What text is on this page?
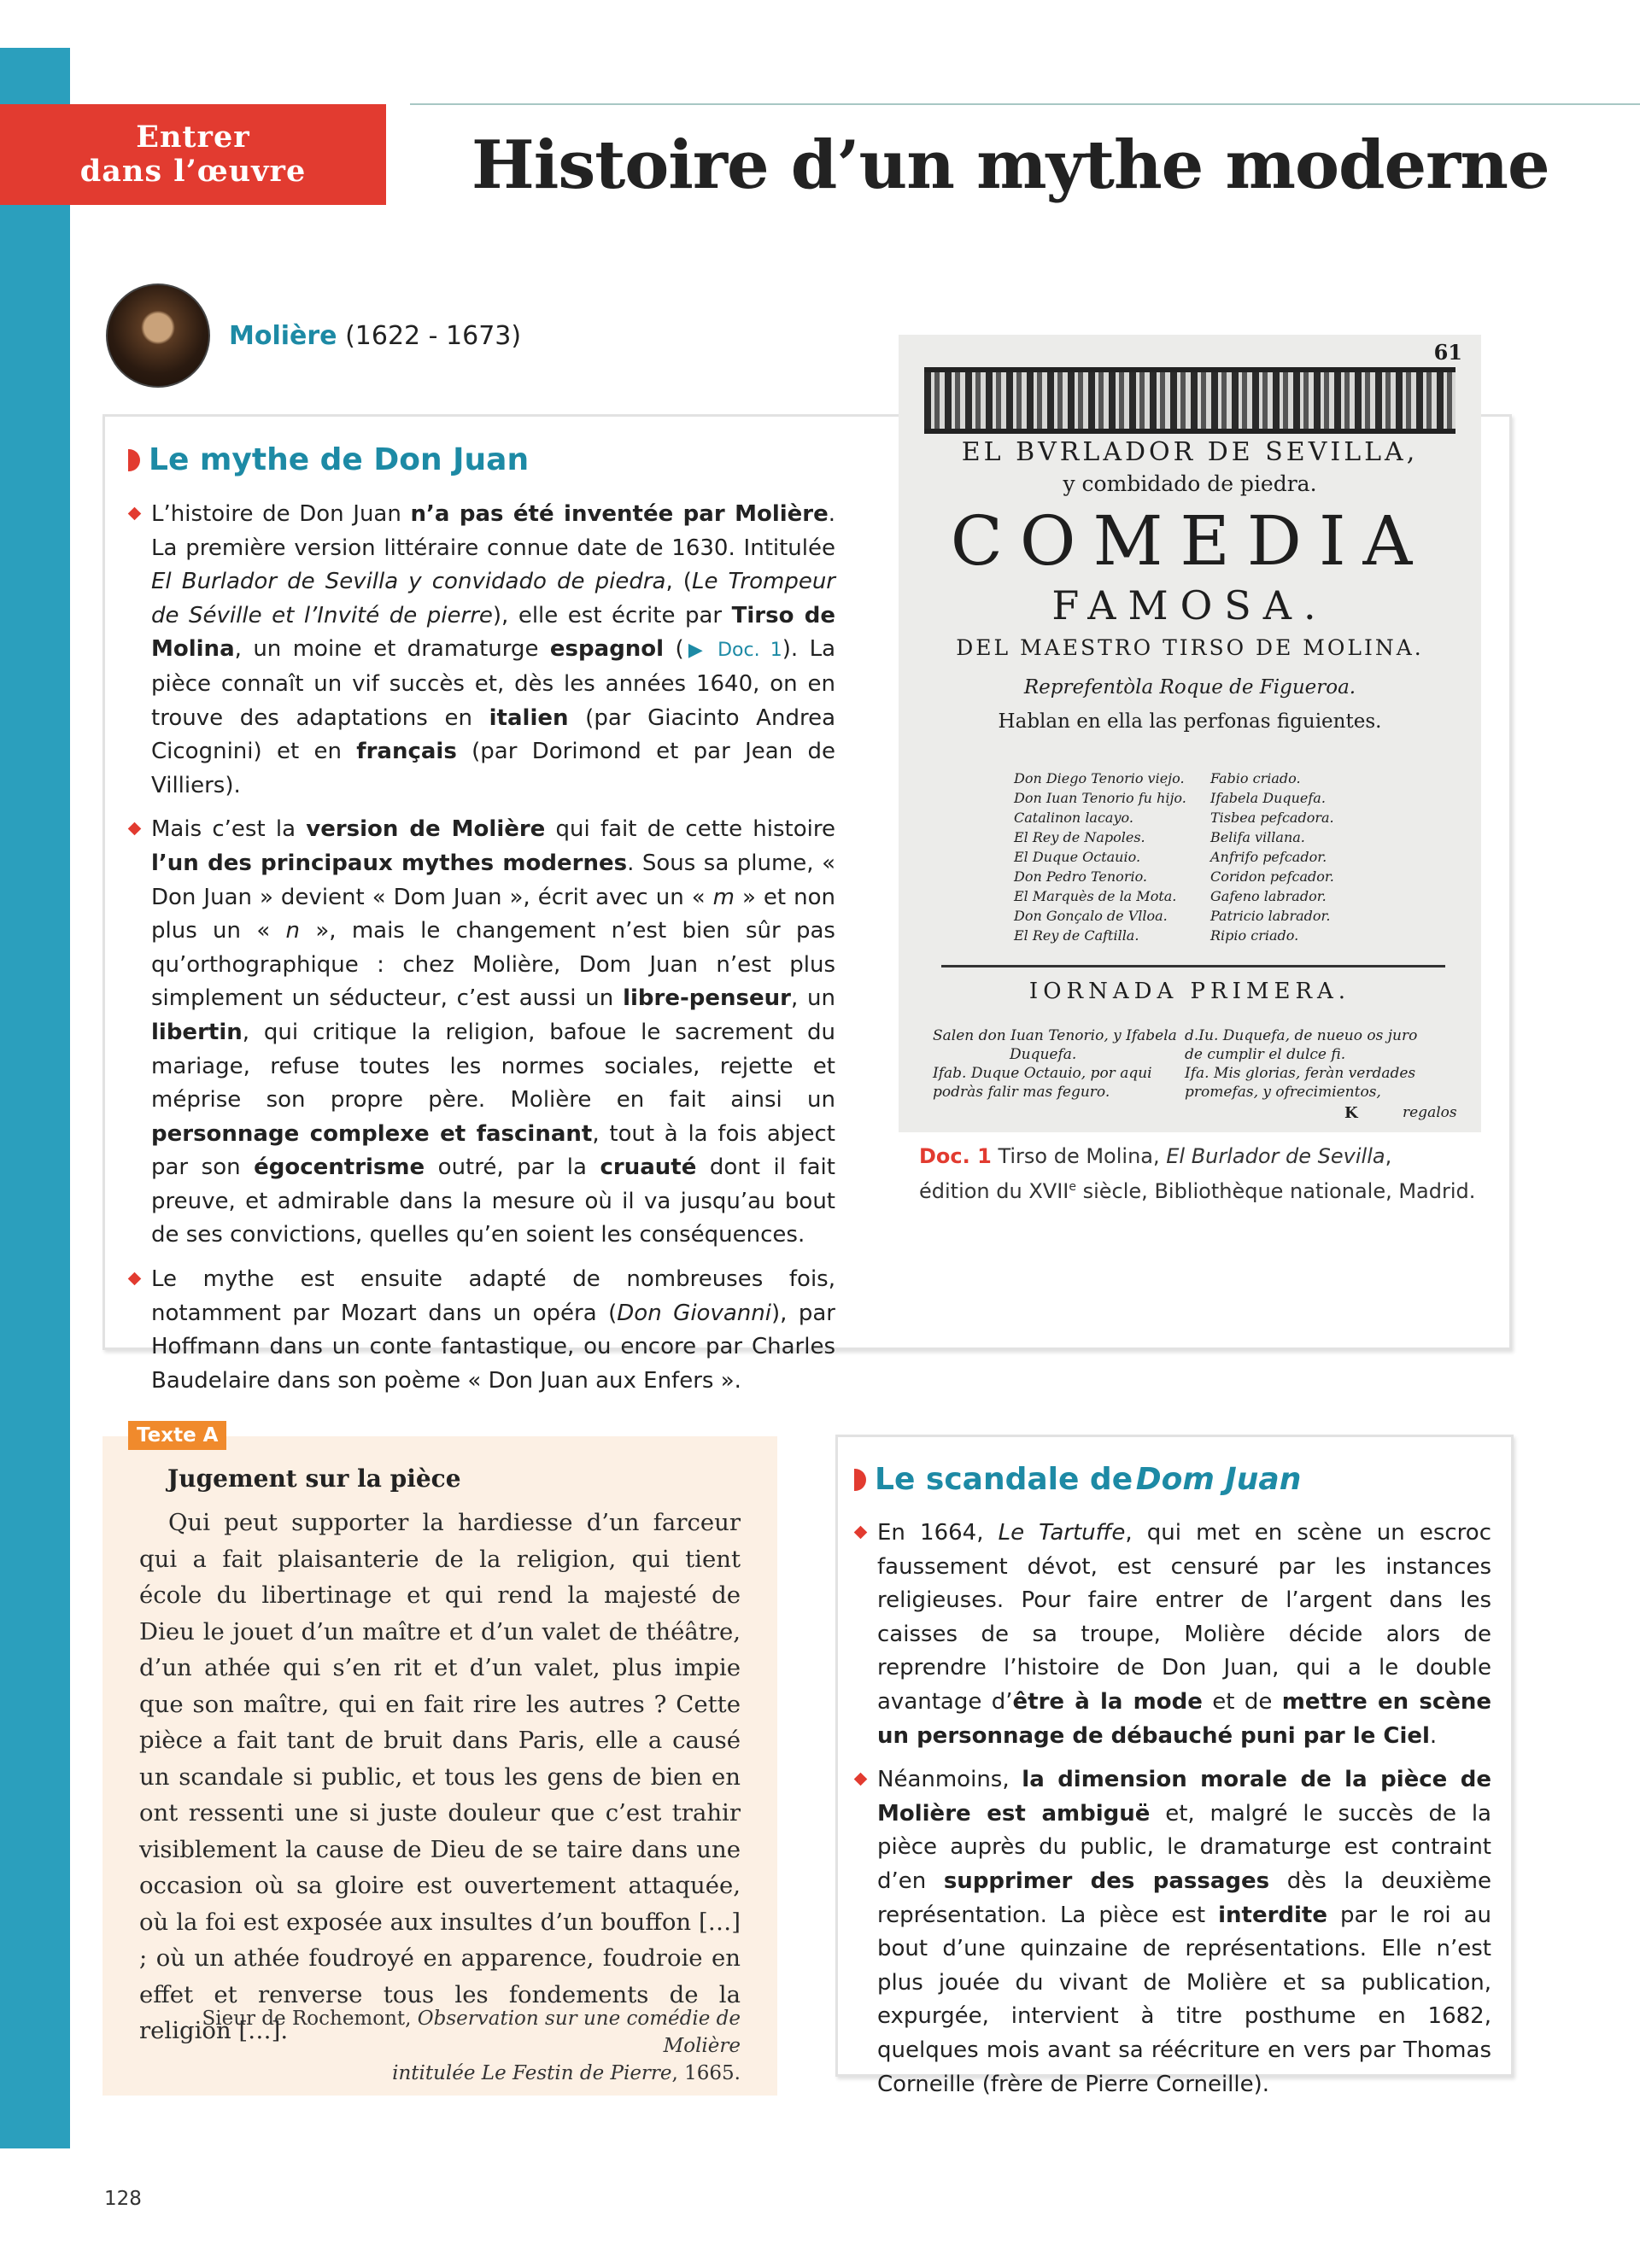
Entrer
dans l’œuvre	Histoire d’un mythe moderne
Molière (1622 - 1673)
Le mythe de Don Juan
L’histoire de Don Juan n’a pas été inventée par Molière. La première version littéraire connue date de 1630. Intitulée El Burlador de Sevilla y convidado de piedra, (Le Trompeur de Séville et l’Invité de pierre), elle est écrite par Tirso de Molina, un moine et dramaturge espagnol (▶ Doc. 1). La pièce connaît un vif succès et, dès les années 1640, on en trouve des adaptations en italien (par Giacinto Andrea Cicognini) et en français (par Dorimond et par Jean de Villiers).
Mais c’est la version de Molière qui fait de cette histoire l’un des principaux mythes modernes. Sous sa plume, « Don Juan » devient « Dom Juan », écrit avec un « m » et non plus un « n », mais le changement n’est bien sûr pas qu’orthographique : chez Molière, Dom Juan n’est plus simplement un séducteur, c’est aussi un libre-penseur, un libertin, qui critique la religion, bafoue le sacrement du mariage, refuse toutes les normes sociales, rejette et méprise son propre père. Molière en fait ainsi un personnage complexe et fascinant, tout à la fois abject par son égocentrisme outré, par la cruauté dont il fait preuve, et admirable dans la mesure où il va jusqu’au bout de ses convictions, quelles qu’en soient les conséquences.
Le mythe est ensuite adapté de nombreuses fois, notamment par Mozart dans un opéra (Don Giovanni), par Hoffmann dans un conte fantastique, ou encore par Charles Baudelaire dans son poème « Don Juan aux Enfers ».
61
EL BVRLADOR DE SEVILLA,
y combidado de piedra.
COMEDIA
FAMOSA.
DEL MAESTRO TIRSO DE MOLINA.
Reprefentòla Roque de Figueroa.
Hablan en ella las perfonas figuientes.
Don Diego Tenorio viejo.
Don Iuan Tenorio fu hijo.
Catalinon lacayo.
El Rey de Napoles.
El Duque Octauio.
Don Pedro Tenorio.
El Marquès de la Mota.
Don Gonçalo de Vlloa.
El Rey de Caftilla.
Fabio criado.
Ifabela Duquefa.
Tisbea pefcadora.
Belifa villana.
Anfrifo pefcador.
Coridon pefcador.
Gafeno labrador.
Patricio labrador.
Ripio criado.
IORNADA PRIMERA.
Salen don Iuan Tenorio, y Ifabela
Duquefa.
Ifab. Duque Octauio, por aqui
podràs falir mas feguro.
d.Iu. Duquefa, de nueuo os juro
de cumplir el dulce fi.
Ifa. Mis glorias, feràn verdades
promefas, y ofrecimientos,
K	regalos
Doc. 1 Tirso de Molina, El Burlador de Sevilla,
édition du XVIIe siècle, Bibliothèque nationale, Madrid.
Texte A
Jugement sur la pièce

Qui peut supporter la hardiesse d’un farceur qui a fait plaisanterie de la religion, qui tient école du libertinage et qui rend la majesté de Dieu le jouet d’un maître et d’un valet de théâtre, d’un athée qui s’en rit et d’un valet, plus impie que son maître, qui en fait rire les autres ? Cette pièce a fait tant de bruit dans Paris, elle a causé un scandale si public, et tous les gens de bien en ont ressenti une si juste douleur que c’est trahir visiblement la cause de Dieu de se taire dans une occasion où sa gloire est ouvertement attaquée, où la foi est exposée aux insultes d’un bouffon […] ; où un athée foudroyé en apparence, foudroie en effet et renverse tous les fondements de la religion […].

Sieur de Rochemont, Observation sur une comédie de Molière
intitulée Le Festin de Pierre, 1665.

Le scandale de
  Dom Juan
En 1664, Le Tartuffe, qui met en scène un escroc faussement dévot, est censuré par les instances religieuses. Pour faire entrer de l’argent dans les caisses de sa troupe, Molière décide alors de reprendre l’histoire de Don Juan, qui a le double avantage d’être à la mode et de mettre en scène un personnage de débauché puni par le Ciel.
Néanmoins, la dimension morale de la pièce de Molière est ambiguë et, malgré le succès de la pièce auprès du public, le dramaturge est contraint d’en supprimer des passages dès la deuxième représentation. La pièce est interdite par le roi au bout d’une quinzaine de représentations. Elle n’est plus jouée du vivant de Molière et sa publication, expurgée, intervient à titre posthume en 1682, quelques mois avant sa réécriture en vers par Thomas Corneille (frère de Pierre Corneille).
128
